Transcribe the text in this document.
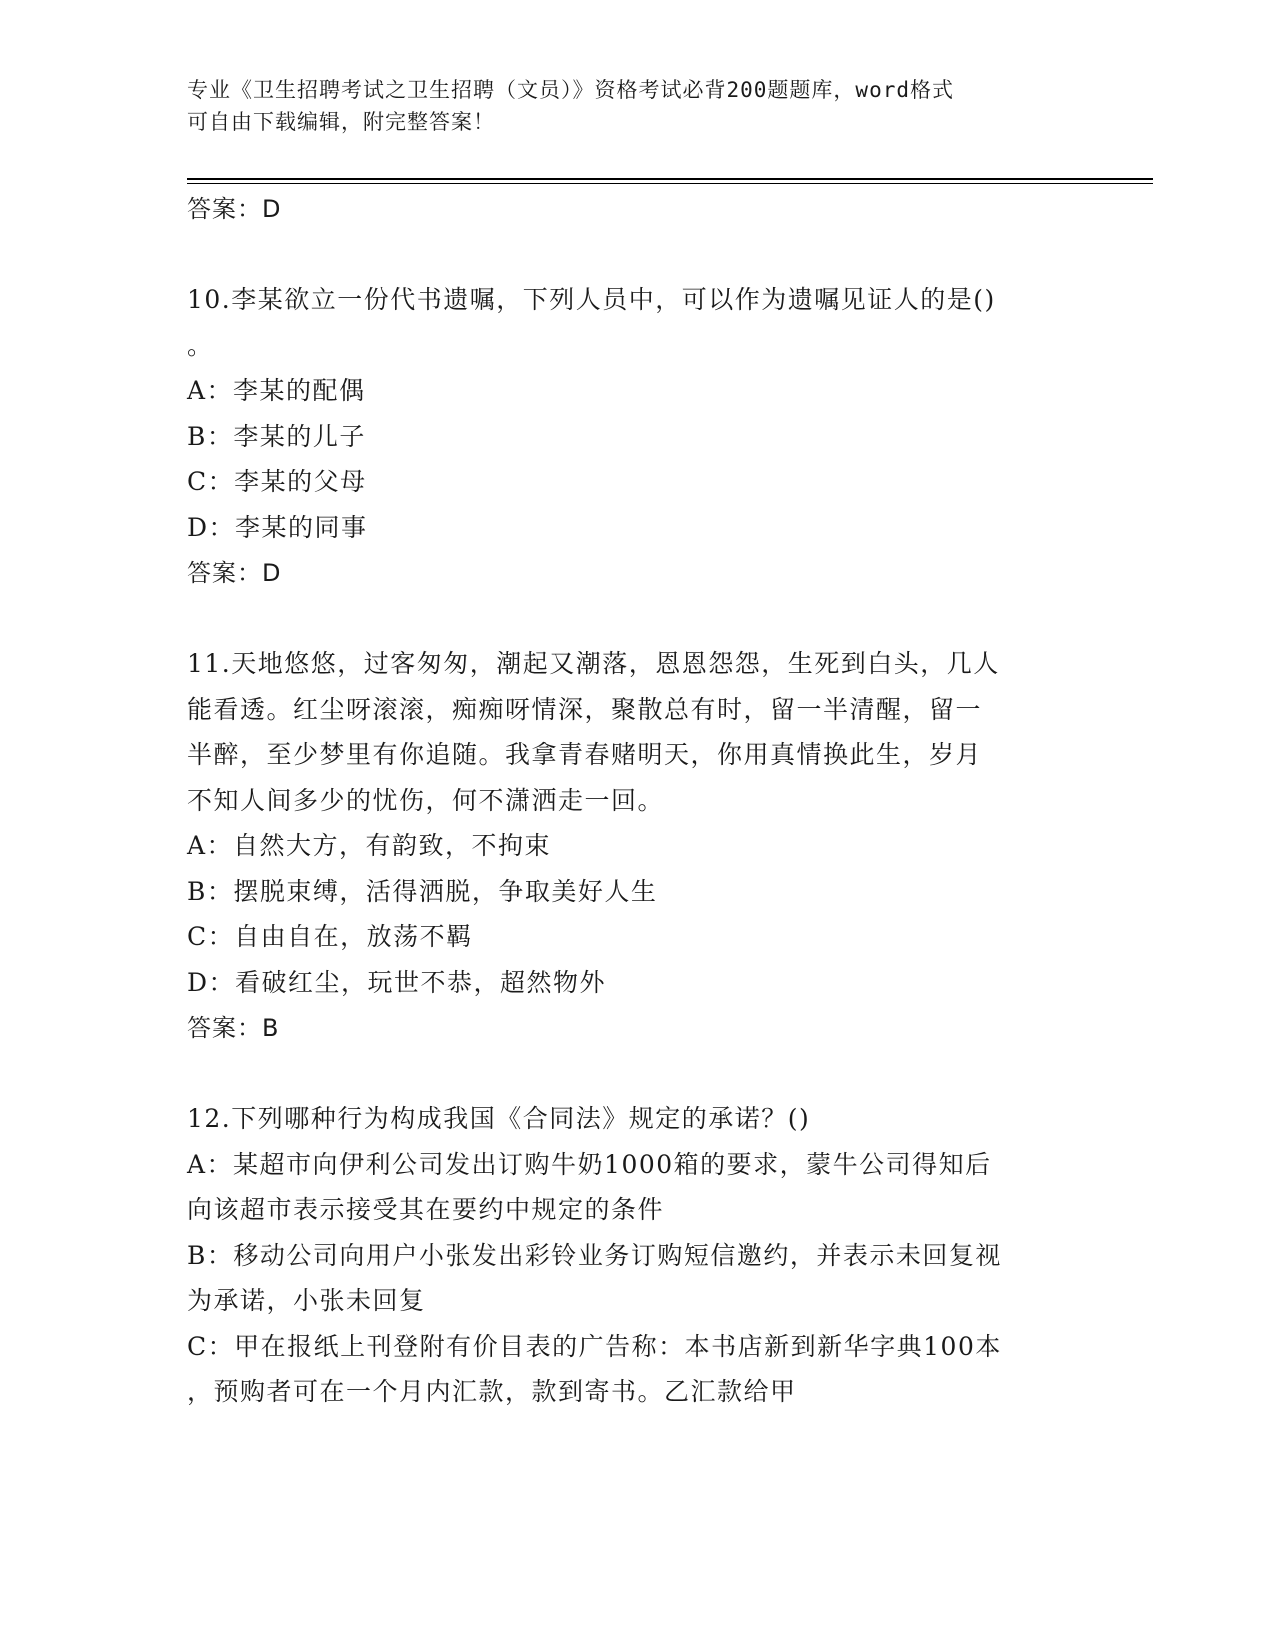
专业《卫生招聘考试之卫生招聘（文员）》资格考试必背200题题库，word格式
可自由下载编辑，附完整答案！
答案：D
10.李某欲立一份代书遗嘱，下列人员中，可以作为遗嘱见证人的是()
。
A：李某的配偶
B：李某的儿子
C：李某的父母
D：李某的同事
答案：D
11.天地悠悠，过客匆匆，潮起又潮落，恩恩怨怨，生死到白头，几人
能看透。红尘呀滚滚，痴痴呀情深，聚散总有时，留一半清醒，留一
半醉，至少梦里有你追随。我拿青春赌明天，你用真情换此生，岁月
不知人间多少的忧伤，何不潇洒走一回。
A：自然大方，有韵致，不拘束
B：摆脱束缚，活得洒脱，争取美好人生
C：自由自在，放荡不羁
D：看破红尘，玩世不恭，超然物外
答案：B
12.下列哪种行为构成我国《合同法》规定的承诺？()
A：某超市向伊利公司发出订购牛奶1000箱的要求，蒙牛公司得知后
向该超市表示接受其在要约中规定的条件
B：移动公司向用户小张发出彩铃业务订购短信邀约，并表示未回复视
为承诺，小张未回复
C：甲在报纸上刊登附有价目表的广告称：本书店新到新华字典100本
，预购者可在一个月内汇款，款到寄书。乙汇款给甲
